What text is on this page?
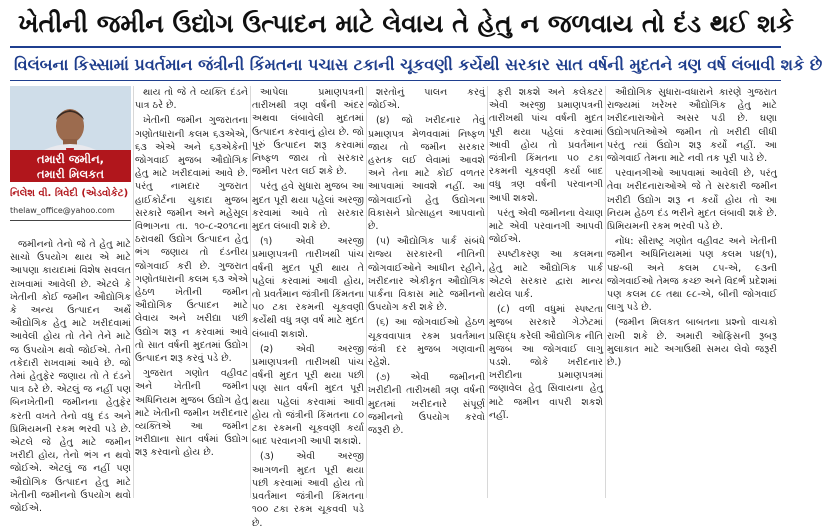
ખેતીની જમીન ઉદ્યોગ ઉત્પાદન માટે લેવાય તે હેતુ ન જળવાય તો દંડ થઈ શકે
વિલંબના કિસ્સામાં પ્રવર્તમાન જંત્રીની કિંમતના પચાસ ટકાની ચૂકવણી કર્યેથી સરકાર સાત વર્ષની મુદતને ત્રણ વર્ષ લંબાવી શકે છે
તમારી જમીન,
તમારી મિલકત
નિલેશ વી. ત્રિવેદી (એડવોકેટ)
thelaw_office@yahoo.com

જમીનનો તેનો જે તે હેતુ માટે સાચો ઉપયોગ થાય એ માટે આપણા કાયદામાં વિશેષ સવલત રાખવામાં આવેલી છે. એટલે કે ખેતીની કોઈ જમીન ઔદ્યોગિક કે અન્ય ઉત્પાદન અર્થે ઔદ્યોગિક હેતુ માટે ખરીદવામાં આવેલી હોય તો તેને તેને માટે જ ઉપયોગ થવો જોઈએ. તેની તકેદારી રાખવામાં આવે છે. જો તેમાં હેતુફેર જણાય તો તે દંડને પાત્ર ઠરે છે. એટલું જ નહીં પણ બિનખેતીની જમીનના હેતુફેર કરતી વખતે તેનો વધુ દંડ અને પ્રિમિયમની રકમ ભરવી પડે છે. એટલે જે હેતુ માટે જમીન ખરીદી હોય, તેનો ભંગ ન થવો જોઈએ. એટલું જ નહીં પણ ઔદ્યોગિક ઉત્પાદન હેતુ માટે ખેતીની જમીનનો ઉપયોગ થવો જોઈએ.

થાય તો જે તે વ્યક્તિ દંડને પાત્ર ઠરે છે.

ખેતીની જમીન ગુજરાતના ગણોતધારાની કલમ ૬૩એએ, ૬૩ એએ અને ૬૩એકેની જોગવાઈ મુજબ ઔદ્યોગિક હેતુ માટે ખરીદવામાં આવે છે. પરંતુ નામદાર ગુજરાત હાઈકોર્ટના ચુકાદા મુજબ સરકારે જમીન અને મહેસૂલ વિભાગના તા. ૧૦-૮-૨૦૧૮ના ઠરાવથી ઉદ્યોગ ઉત્પાદન હેતુ ભંગ જણાય તો દંડનીય જોગવાઈ કરી છે. ગુજરાત ગણોતધારાની કલમ ૬૩ એએ હેઠળ ખેતીની જમીન ઔદ્યોગિક ઉત્પાદન માટે લેવાય અને ખરીદ્યા પછી ઉદ્યોગ શરૂ ન કરવામાં આવે તો સાત વર્ષની મુદતમાં ઉદ્યોગ ઉત્પાદન શરૂ કરવું પડે છે.

ગુજરાત ગણોત વહીવટ અને ખેતીની જમીન અધિનિયમ મુજબ ઉદ્યોગ હેતુ માટે ખેતીની જમીન ખરીદનાર વ્યક્તિએ આ જમીન ખરીદ્યાના સાત વર્ષમાં ઉદ્યોગ શરૂ કરવાનો હોય છે.

આપેલા પ્રમાણપત્રની તારીખથી ત્રણ વર્ષની અંદર અથવા લંબાવેલી મુદતમાં ઉત્પાદન કરવાનું હોય છે. જો પૂરું ઉત્પાદન શરૂ કરવામાં નિષ્ફળ જાય તો સરકાર જમીન પરત લઈ શકે છે.

પરંતુ હવે સુધારા મુજબ આ મુદત પૂરી થયા પહેલાં અરજી કરવામાં આવે તો સરકાર મુદત લંબાવી શકે છે.

(૧) એવી અરજી પ્રમાણપત્રની તારીખથી પાંચ વર્ષની મુદત પૂરી થાય તે પહેલાં કરવામાં આવી હોય, તો પ્રવર્તમાન જંત્રીની કિંમતના ૫૦ ટકા રકમની ચૂકવણી કર્યેથી વધુ ત્રણ વર્ષ માટે મુદત લંબાવી શકાશે.

(૨) એવી અરજી પ્રમાણપત્રની તારીખથી પાંચ વર્ષની મુદત પૂરી થયા પછી પણ સાત વર્ષની મુદત પૂરી થયા પહેલાં કરવામાં આવી હોય તો જંત્રીની કિંમતના ૮૦ ટકા રકમની ચૂકવણી કર્યા બાદ પરવાનગી આપી શકાશે.

(૩) એવી અરજી આગળની મુદત પૂરી થયા પછી કરવામાં આવી હોય તો પ્રવર્તમાન જંત્રીની કિંમતના ૧૦૦ ટકા રકમ ચૂકવવી પડે છે.

શરતોનું પાલન કરવું જોઈએ.

(૪) જો ખરીદનાર તેવું પ્રમાણપત્ર મેળવવામાં નિષ્ફળ જાય તો જમીન સરકાર હસ્તક લઈ લેવામાં આવશે અને તેના માટે કોઈ વળતર આપવામાં આવશે નહીં. આ જોગવાઈનો હેતુ ઉદ્યોગના વિકાસને પ્રોત્સાહન આપવાનો છે.

(૫) ઔદ્યોગિક પાર્ક સંબંધે રાજ્ય સરકારની નીતિની જોગવાઈઓને આધીન રહીને, ખરીદનાર એકીકૃત ઔદ્યોગિક પાર્કના વિકાસ માટે જમીનનો ઉપયોગ કરી શકે છે.

(૬) આ જોગવાઈઓ હેઠળ ચૂકવવાપાત્ર રકમ પ્રવર્તમાન જંત્રી દર મુજબ ગણવાની રહેશે.

(૭) એવી જમીનની ખરીદીની તારીખથી ત્રણ વર્ષની મુદતમાં ખરીદનારે સંપૂર્ણ જમીનનો ઉપયોગ કરવો જરૂરી છે.

ફરી શકશે અને કલેક્ટર એવી અરજી પ્રમાણપત્રની તારીખથી પાંચ વર્ષની મુદત પૂરી થયા પહેલાં કરવામાં આવી હોય તો પ્રવર્તમાન જંત્રીની કિંમતના ૫૦ ટકા રકમની ચૂકવણી કર્યા બાદ વધુ ત્રણ વર્ષની પરવાનગી આપી શકશે.

પરંતુ એવી જમીનના વેચાણ માટે એવી પરવાનગી આપવી જોઈએ.

સ્પષ્ટીકરણ આ કલમના હેતુ માટે ઔદ્યોગિક પાર્ક એટલે સરકાર દ્વારા માન્ય થયેલ પાર્ક.

(૮) વળી વધુમાં સ્પષ્ટતા મુજબ સરકારે ગેઝેટમાં પ્રસિદ્ધ કરેલી ઔદ્યોગિક નીતિ મુજબ આ જોગવાઈ લાગુ પડશે. જોકે ખરીદનાર ખરીદીના પ્રમાણપત્રમાં જણાવેલ હેતુ સિવાયના હેતુ માટે જમીન વાપરી શકશે નહીં.

ઔદ્યોગિક સુધારા-વધારાને કારણે ગુજરાત રાજ્યમાં ખરેખર ઔદ્યોગિક હેતુ માટે ખરીદનારાઓને અસર પડી છે. ઘણા ઉદ્યોગપતિઓએ જમીન તો ખરીદી લીધી પરંતુ ત્યાં ઉદ્યોગ શરૂ કર્યો નહીં. આ જોગવાઈ તેમના માટે નવી તક પૂરી પાડે છે.

પરવાનગીઓ આપવામાં આવેલી છે, પરંતુ તેવા ખરીદનારાઓએ જે તે સરકારી જમીન ખરીદી ઉદ્યોગ શરૂ ન કર્યો હોય તો આ નિયમ હેઠળ દંડ ભરીને મુદત લંબાવી શકે છે. પ્રિમિયમની રકમ ભરવી પડે છે.

નોંધ: સૌરાષ્ટ્ર ગણોત વહીવટ અને ખેતીની જમીન અધિનિયમમાં પણ કલમ ૫૪(૧), ૫૪-બી અને કલમ ૮૫-એ, ૯૩ની જોગવાઈઓ તેમજ કચ્છ અને વિદર્ભ પ્રદેશમાં પણ કલમ ૮૯ તથા ૯૮-એ, બીની જોગવાઈ લાગુ પડે છે.

(જમીન મિલકત બાબતના પ્રશ્નો વાચકો રાખી શકે છે. અમારી ઓફિસની રૂબરૂ મુલાકાત માટે અગાઉથી સમય લેવો જરૂરી છે.)
